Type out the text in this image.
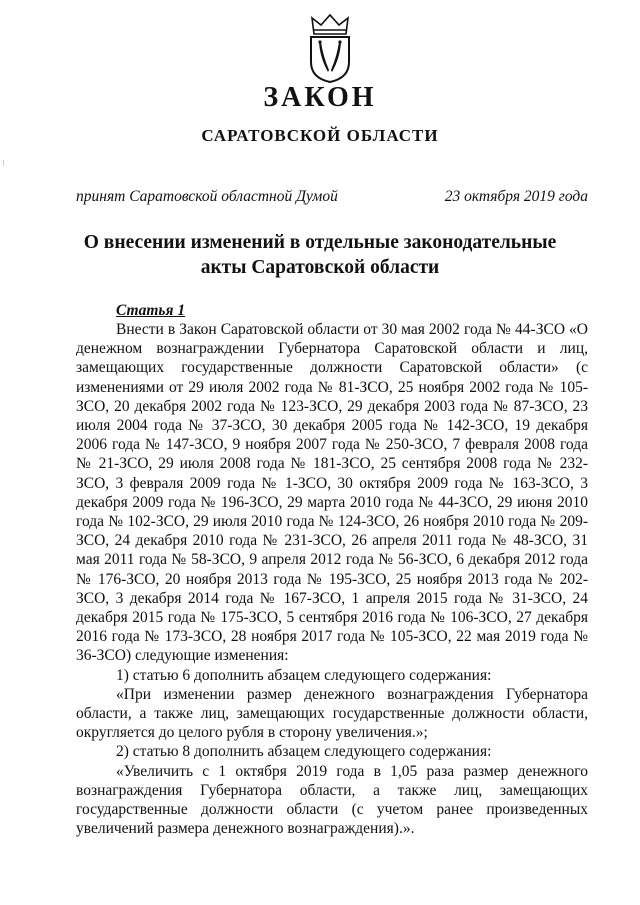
ЗАКОН
САРАТОВСКОЙ ОБЛАСТИ
принят Саратовской областной Думой	23 октября 2019 года
О внесении изменений в отдельные законодательные
акты Саратовской области
Статья 1

Внести в Закон Саратовской области от 30 мая 2002 года № 44-ЗСО «О денежном вознаграждении Губернатора Саратовской области и лиц, замещающих государственные должности Саратовской области» (с изменениями от 29 июля 2002 года № 81-ЗСО, 25 ноября 2002 года № 105-ЗСО, 20 декабря 2002 года № 123-ЗСО, 29 декабря 2003 года № 87-ЗСО, 23 июля 2004 года № 37-ЗСО, 30 декабря 2005 года № 142-ЗСО, 19 декабря 2006 года № 147-ЗСО, 9 ноября 2007 года № 250-ЗСО, 7 февраля 2008 года № 21-ЗСО, 29 июля 2008 года № 181-ЗСО, 25 сентября 2008 года № 232-ЗСО, 3 февраля 2009 года № 1-ЗСО, 30 октября 2009 года № 163-ЗСО, 3 декабря 2009 года № 196-ЗСО, 29 марта 2010 года № 44-ЗСО, 29 июня 2010 года № 102-ЗСО, 29 июля 2010 года № 124-ЗСО, 26 ноября 2010 года № 209-ЗСО, 24 декабря 2010 года № 231-ЗСО, 26 апреля 2011 года № 48-ЗСО, 31 мая 2011 года № 58-ЗСО, 9 апреля 2012 года № 56-ЗСО, 6 декабря 2012 года № 176-ЗСО, 20 ноября 2013 года № 195-ЗСО, 25 ноября 2013 года № 202-ЗСО, 3 декабря 2014 года № 167-ЗСО, 1 апреля 2015 года № 31-ЗСО, 24 декабря 2015 года № 175-ЗСО, 5 сентября 2016 года № 106-ЗСО, 27 декабря 2016 года № 173-ЗСО, 28 ноября 2017 года № 105-ЗСО, 22 мая 2019 года № 36-ЗСО) следующие изменения:

1) статью 6 дополнить абзацем следующего содержания:

«При изменении размер денежного вознаграждения Губернатора области, а также лиц, замещающих государственные должности области, округляется до целого рубля в сторону увеличения.»;

2) статью 8 дополнить абзацем следующего содержания:

«Увеличить с 1 октября 2019 года в 1,05 раза размер денежного вознаграждения Губернатора области, а также лиц, замещающих государственные должности области (с учетом ранее произведенных увеличений размера денежного вознаграждения).».
